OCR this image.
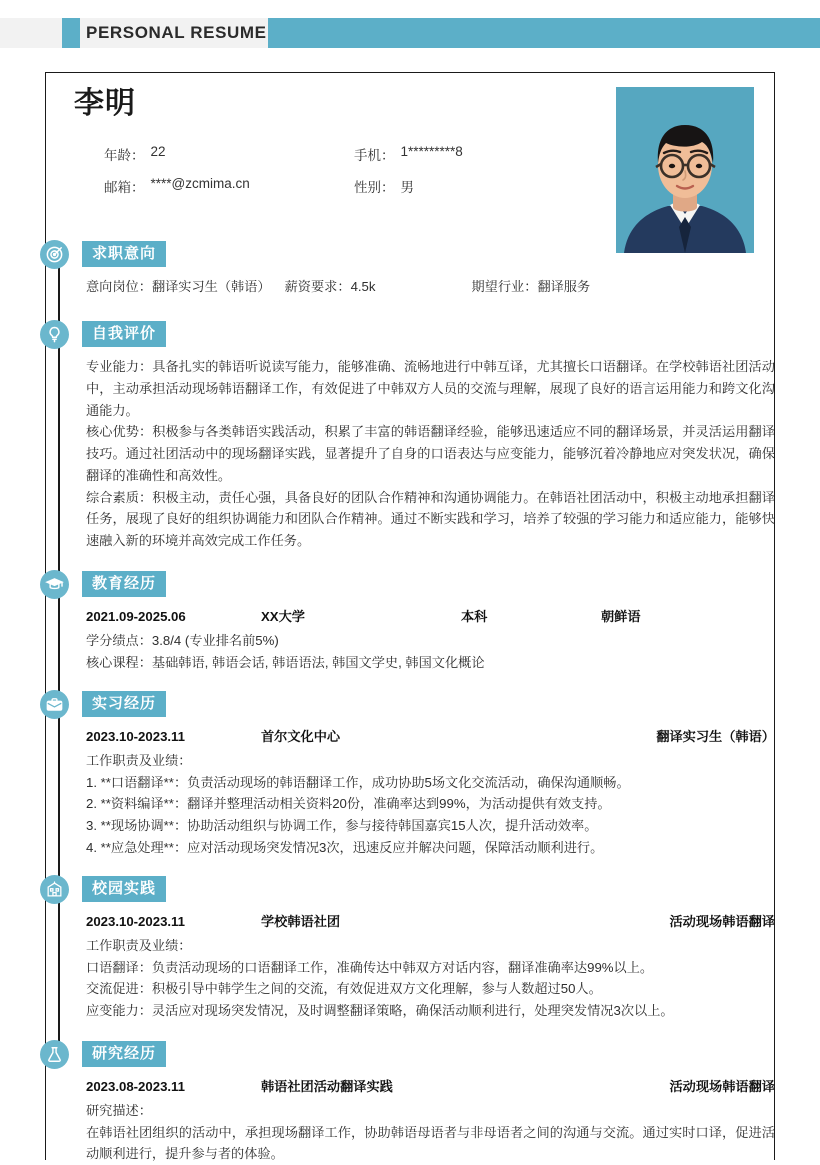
PERSONAL RESUME
李明
年龄： 22	手机： 1*********8
邮箱： ****@zcmima.cn	性别： 男
求职意向
意向岗位：翻译实习生（韩语） 薪资要求：4.5k	期望行业：翻译服务
自我评价

专业能力：具备扎实的韩语听说读写能力，能够准确、流畅地进行中韩互译，尤其擅长口语翻译。在学校韩语社团活动中，主动承担活动现场韩语翻译工作，有效促进了中韩双方人员的交流与理解，展现了良好的语言运用能力和跨文化沟通能力。

核心优势：积极参与各类韩语实践活动，积累了丰富的韩语翻译经验，能够迅速适应不同的翻译场景，并灵活运用翻译技巧。通过社团活动中的现场翻译实践，显著提升了自身的口语表达与应变能力，能够沉着冷静地应对突发状况，确保翻译的准确性和高效性。

综合素质：积极主动，责任心强，具备良好的团队合作精神和沟通协调能力。在韩语社团活动中，积极主动地承担翻译任务，展现了良好的组织协调能力和团队合作精神。通过不断实践和学习，培养了较强的学习能力和适应能力，能够快速融入新的环境并高效完成工作任务。

教育经历
2021.09-2025.06	XX大学	本科	朝鲜语

学分绩点：3.8/4 (专业排名前5%)

核心课程：基础韩语, 韩语会话, 韩语语法, 韩国文学史, 韩国文化概论

实习经历
2023.10-2023.11	首尔文化中心	翻译实习生（韩语）

工作职责及业绩：

1. **口语翻译**：负责活动现场的韩语翻译工作，成功协助5场文化交流活动，确保沟通顺畅。

2. **资料编译**：翻译并整理活动相关资料20份，准确率达到99%，为活动提供有效支持。

3. **现场协调**：协助活动组织与协调工作，参与接待韩国嘉宾15人次，提升活动效率。

4. **应急处理**：应对活动现场突发情况3次，迅速反应并解决问题，保障活动顺利进行。

校园实践
2023.10-2023.11	学校韩语社团	活动现场韩语翻译

工作职责及业绩：

口语翻译：负责活动现场的口语翻译工作，准确传达中韩双方对话内容，翻译准确率达99%以上。

交流促进：积极引导中韩学生之间的交流，有效促进双方文化理解，参与人数超过50人。

应变能力：灵活应对现场突发情况，及时调整翻译策略，确保活动顺利进行，处理突发情况3次以上。

研究经历
2023.08-2023.11	韩语社团活动翻译实践	活动现场韩语翻译

研究描述：

在韩语社团组织的活动中，承担现场翻译工作，协助韩语母语者与非母语者之间的沟通与交流。通过实时口译，促进活动顺利进行，提升参与者的体验。
